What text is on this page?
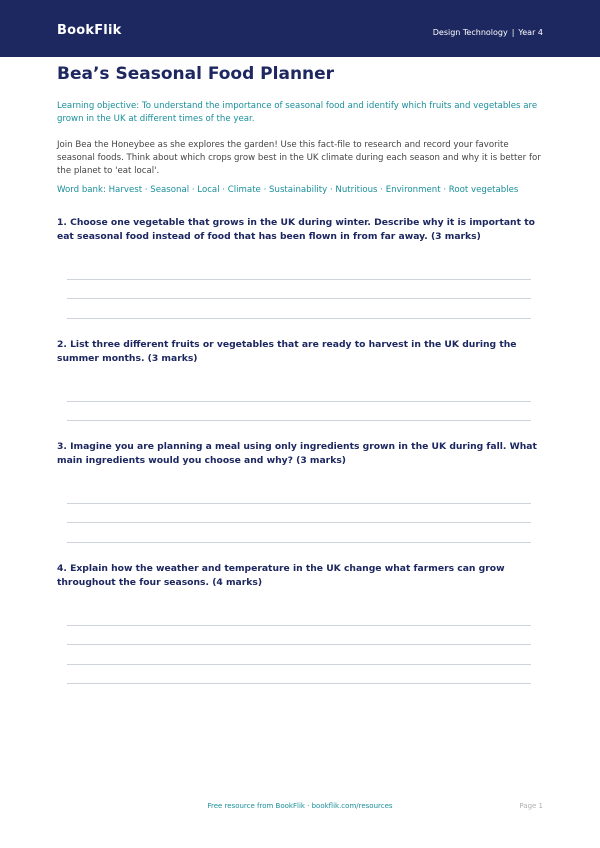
BookFlik	Design Technology | Year 4
Bea’s Seasonal Food Planner
Learning objective: To understand the importance of seasonal food and identify which fruits and vegetables are grown in the UK at different times of the year.
Join Bea the Honeybee as she explores the garden! Use this fact-file to research and record your favorite seasonal foods. Think about which crops grow best in the UK climate during each season and why it is better for the planet to 'eat local'.
Word bank: Harvest · Seasonal · Local · Climate · Sustainability · Nutritious · Environment · Root vegetables

1. Choose one vegetable that grows in the UK during winter. Describe why it is important to eat seasonal food instead of food that has been flown in from far away. (3 marks)

2. List three different fruits or vegetables that are ready to harvest in the UK during the summer months. (3 marks)

3. Imagine you are planning a meal using only ingredients grown in the UK during fall. What main ingredients would you choose and why? (3 marks)

4. Explain how the weather and temperature in the UK change what farmers can grow throughout the four seasons. (4 marks)

Free resource from BookFlik · bookflik.com/resources	Page 1
